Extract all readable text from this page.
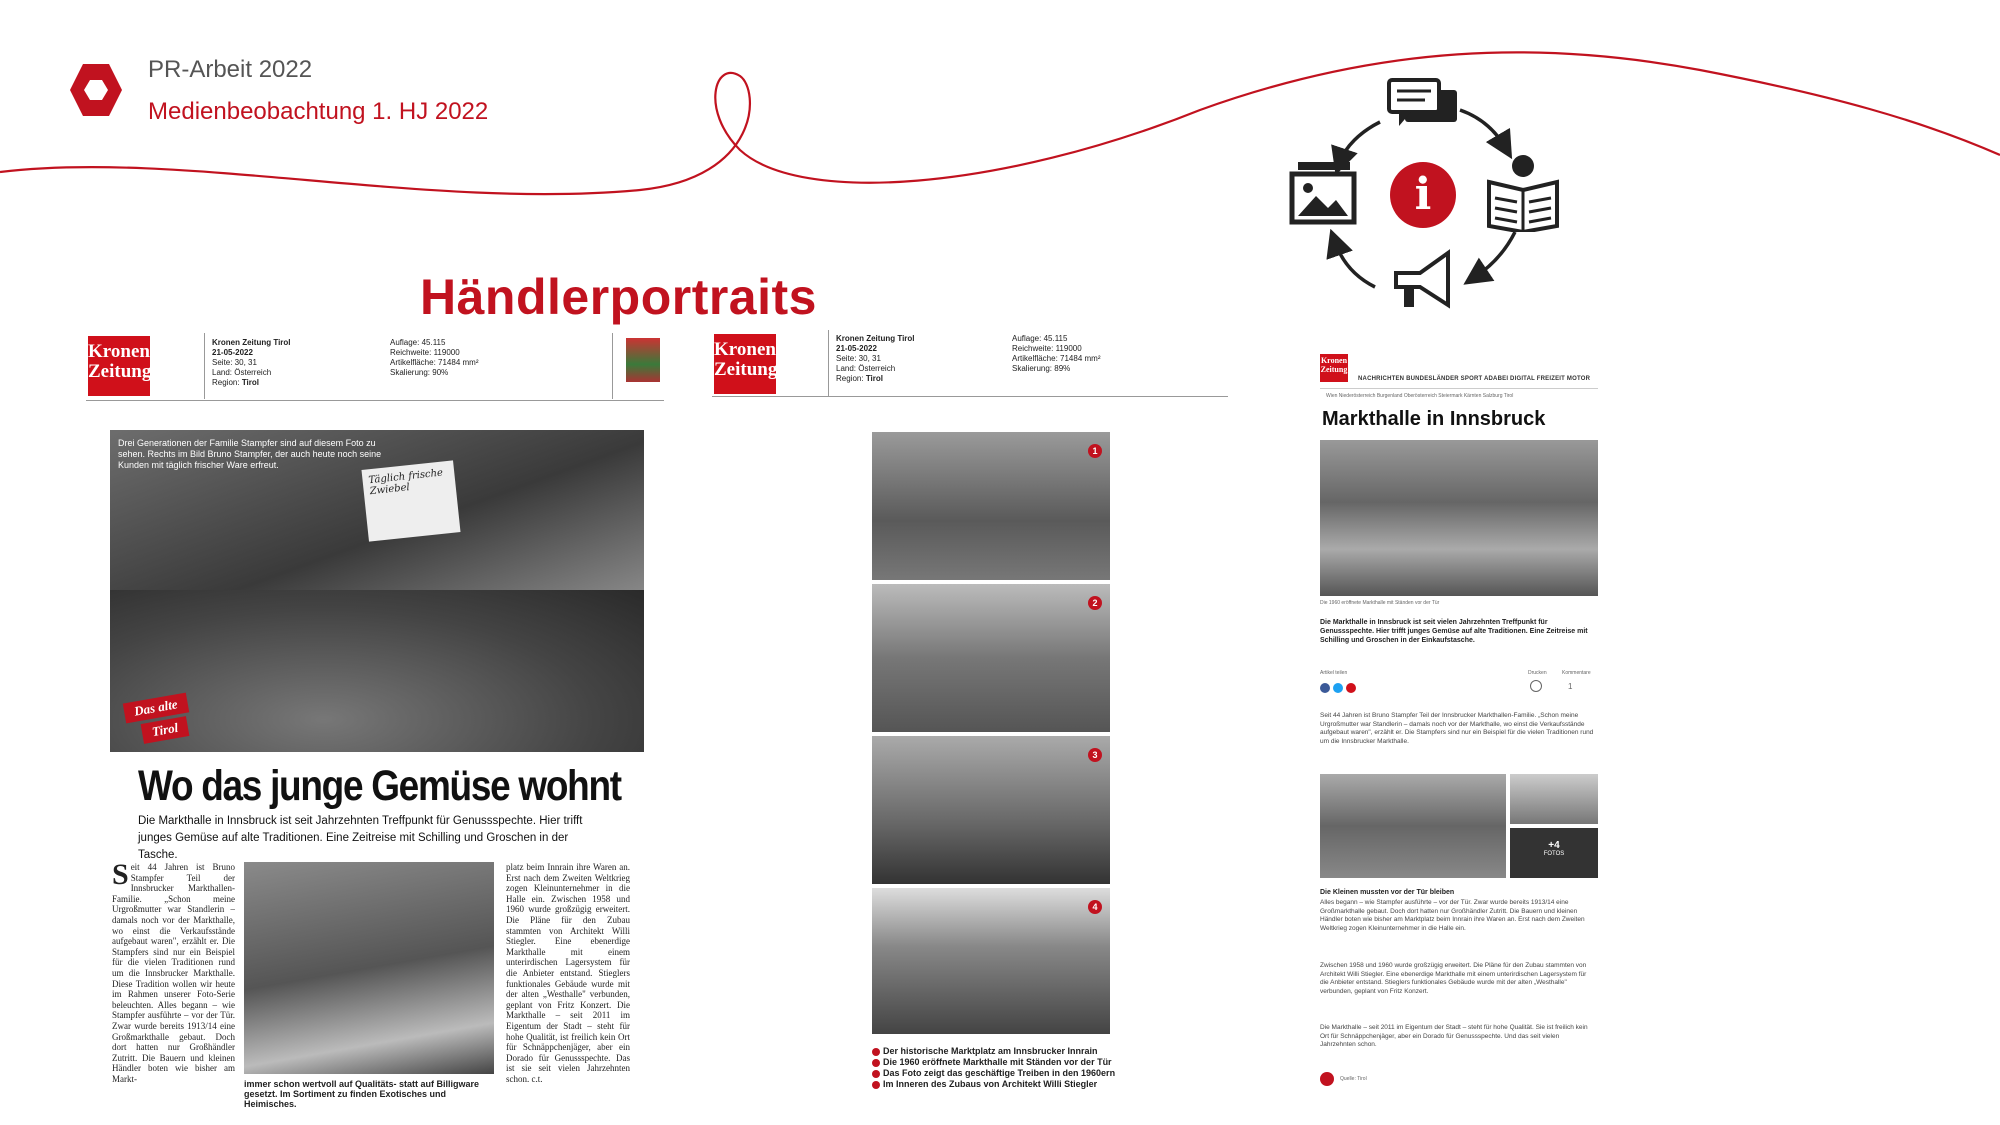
PR-Arbeit 2022
Medienbeobachtung 1. HJ 2022
i
Händlerportraits
Kronen
Zeitung
Kronen Zeitung Tirol
21-05-2022
Seite: 30, 31
Land: Österreich
Region: Tirol
Auflage: 45.115
Reichweite: 119000
Artikelfläche: 71484 mm²
Skalierung: 90%
Drei Generationen der Familie Stampfer sind auf diesem Foto zu sehen. Rechts im Bild Bruno Stampfer, der auch heute noch seine Kunden mit täglich frischer Ware erfreut.
Täglich frische Zwiebel
Das alte
Tirol
Wo das junge Gemüse wohnt
Die Markthalle in Innsbruck ist seit Jahrzehnten Treffpunkt für Genussspechte. Hier trifft junges Gemüse auf alte Traditionen. Eine Zeitreise mit Schilling und Groschen in der Tasche.
Seit 44 Jahren ist Bruno Stampfer Teil der Innsbrucker Markthallen-Familie. „Schon meine Urgroßmutter war Standlerin – damals noch vor der Markthalle, wo einst die Verkaufsstände aufgebaut waren", erzählt er. Die Stampfers sind nur ein Beispiel für die vielen Traditionen rund um die Innsbrucker Markthalle. Diese Tradition wollen wir heute im Rahmen unserer Foto-Serie beleuchten. Alles begann – wie Stampfer ausführte – vor der Tür. Zwar wurde bereits 1913/14 eine Großmarkthalle gebaut. Doch dort hatten nur Großhändler Zutritt. Die Bauern und kleinen Händler boten wie bisher am Markt-
immer schon wertvoll auf Qualitäts- statt auf Billigware gesetzt. Im Sortiment zu finden Exotisches und Heimisches.
platz beim Innrain ihre Waren an. Erst nach dem Zweiten Weltkrieg zogen Kleinunternehmer in die Halle ein. Zwischen 1958 und 1960 wurde großzügig erweitert. Die Pläne für den Zubau stammten von Architekt Willi Stiegler. Eine ebenerdige Markthalle mit einem unterirdischen Lagersystem für die Anbieter entstand. Stieglers funktionales Gebäude wurde mit der alten „Westhalle" verbunden, geplant von Fritz Konzert. Die Markthalle – seit 2011 im Eigentum der Stadt – steht für hohe Qualität, ist freilich kein Ort für Schnäppchenjäger, aber ein Dorado für Genussspechte. Das ist sie seit vielen Jahrzehnten schon. c.t.
Kronen
Zeitung
Kronen Zeitung Tirol
21-05-2022
Seite: 30, 31
Land: Österreich
Region: Tirol
Auflage: 45.115
Reichweite: 119000
Artikelfläche: 71484 mm²
Skalierung: 89%
1
2
3
4
Der historische Marktplatz am Innsbrucker Innrain
Die 1960 eröffnete Markthalle mit Ständen vor der Tür
Das Foto zeigt das geschäftige Treiben in den 1960ern
Im Inneren des Zubaus von Architekt Willi Stiegler
Kronen
Zeitung
NACHRICHTEN BUNDESLÄNDER SPORT ADABEI DIGITAL FREIZEIT MOTOR
Wien Niederösterreich Burgenland Oberösterreich Steiermark Kärnten Salzburg Tirol
Markthalle in Innsbruck
Die 1960 eröffnete Markthalle mit Ständen vor der Tür
Die Markthalle in Innsbruck ist seit vielen Jahrzehnten Treffpunkt für Genussspechte. Hier trifft junges Gemüse auf alte Traditionen. Eine Zeitreise mit Schilling und Groschen in der Einkaufstasche.
Artikel teilen	Drucken	Kommentare
1
Seit 44 Jahren ist Bruno Stampfer Teil der Innsbrucker Markthallen-Familie. „Schon meine Urgroßmutter war Standlerin – damals noch vor der Markthalle, wo einst die Verkaufsstände aufgebaut waren", erzählt er. Die Stampfers sind nur ein Beispiel für die vielen Traditionen rund um die Innsbrucker Markthalle.
+4
FOTOS
Die Kleinen mussten vor der Tür bleiben
Alles begann – wie Stampfer ausführte – vor der Tür. Zwar wurde bereits 1913/14 eine Großmarkthalle gebaut. Doch dort hatten nur Großhändler Zutritt. Die Bauern und kleinen Händler boten wie bisher am Marktplatz beim Innrain ihre Waren an. Erst nach dem Zweiten Weltkrieg zogen Kleinunternehmer in die Halle ein.
Zwischen 1958 und 1960 wurde großzügig erweitert. Die Pläne für den Zubau stammten von Architekt Willi Stiegler. Eine ebenerdige Markthalle mit einem unterirdischen Lagersystem für die Anbieter entstand. Stieglers funktionales Gebäude wurde mit der alten „Westhalle" verbunden, geplant von Fritz Konzert.
Die Markthalle – seit 2011 im Eigentum der Stadt – steht für hohe Qualität. Sie ist freilich kein Ort für Schnäppchenjäger, aber ein Dorado für Genussspechte. Und das seit vielen Jahrzehnten schon.
Quelle: Tirol
